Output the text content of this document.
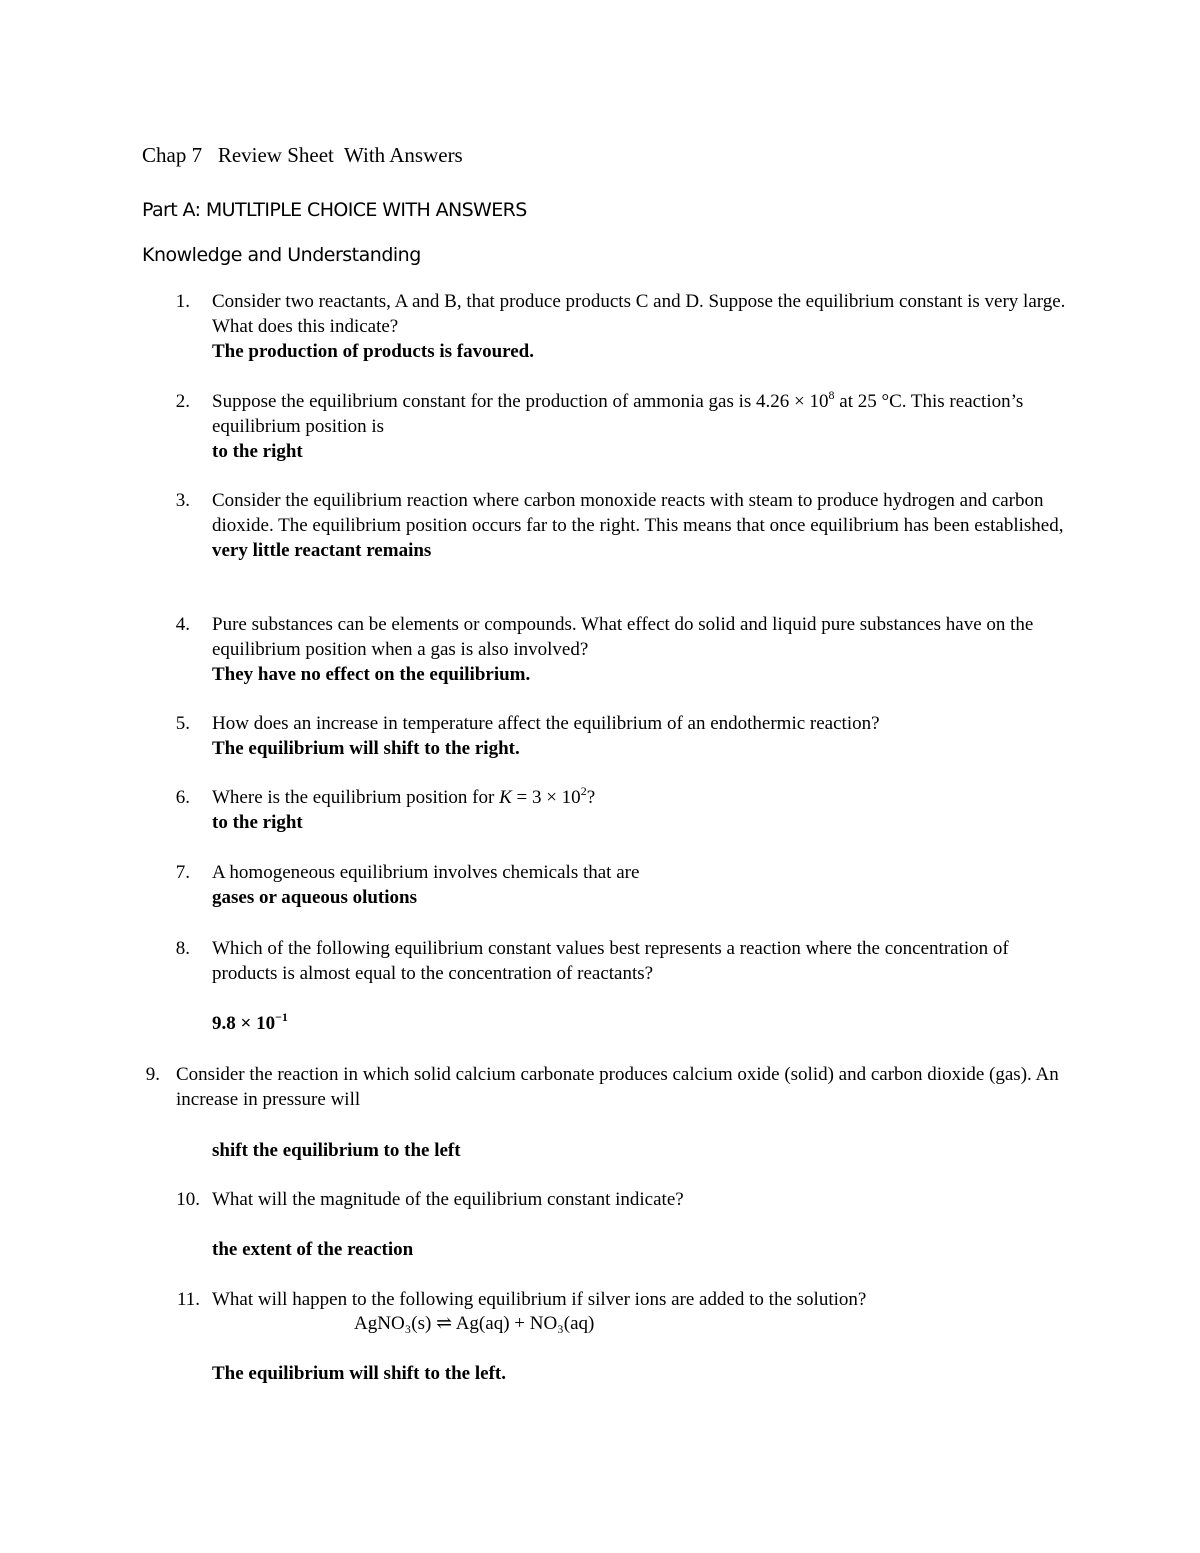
Chap 7   Review Sheet  With Answers
Part A: MUTLTIPLE CHOICE WITH ANSWERS
Knowledge and Understanding
1. Consider two reactants, A and B, that produce products C and D. Suppose the equilibrium constant is very large. What does this indicate?
The production of products is favoured.
2. Suppose the equilibrium constant for the production of ammonia gas is $4.26 \times 10^8$ at 25 °C. This reaction’s equilibrium position is
to the right
3. Consider the equilibrium reaction where carbon monoxide reacts with steam to produce hydrogen and carbon dioxide. The equilibrium position occurs far to the right. This means that once equilibrium has been established,
very little reactant remains
4. Pure substances can be elements or compounds. What effect do solid and liquid pure substances have on the equilibrium position when a gas is also involved?
They have no effect on the equilibrium.
5. How does an increase in temperature affect the equilibrium of an endothermic reaction?
The equilibrium will shift to the right.
6. Where is the equilibrium position for $K = 3 \times 10^2$?
to the right
7. A homogeneous equilibrium involves chemicals that are
gases or aqueous olutions
8. Which of the following equilibrium constant values best represents a reaction where the concentration of products is almost equal to the concentration of reactants?
$9.8 \times 10^{-1}$
9. Consider the reaction in which solid calcium carbonate produces calcium oxide (solid) and carbon dioxide (gas). An increase in pressure will
shift the equilibrium to the left
10. What will the magnitude of the equilibrium constant indicate?
the extent of the reaction
11. What will happen to the following equilibrium if silver ions are added to the solution?
AgNO₃(s) ⇌ Ag(aq) + NO₃(aq)
The equilibrium will shift to the left.
